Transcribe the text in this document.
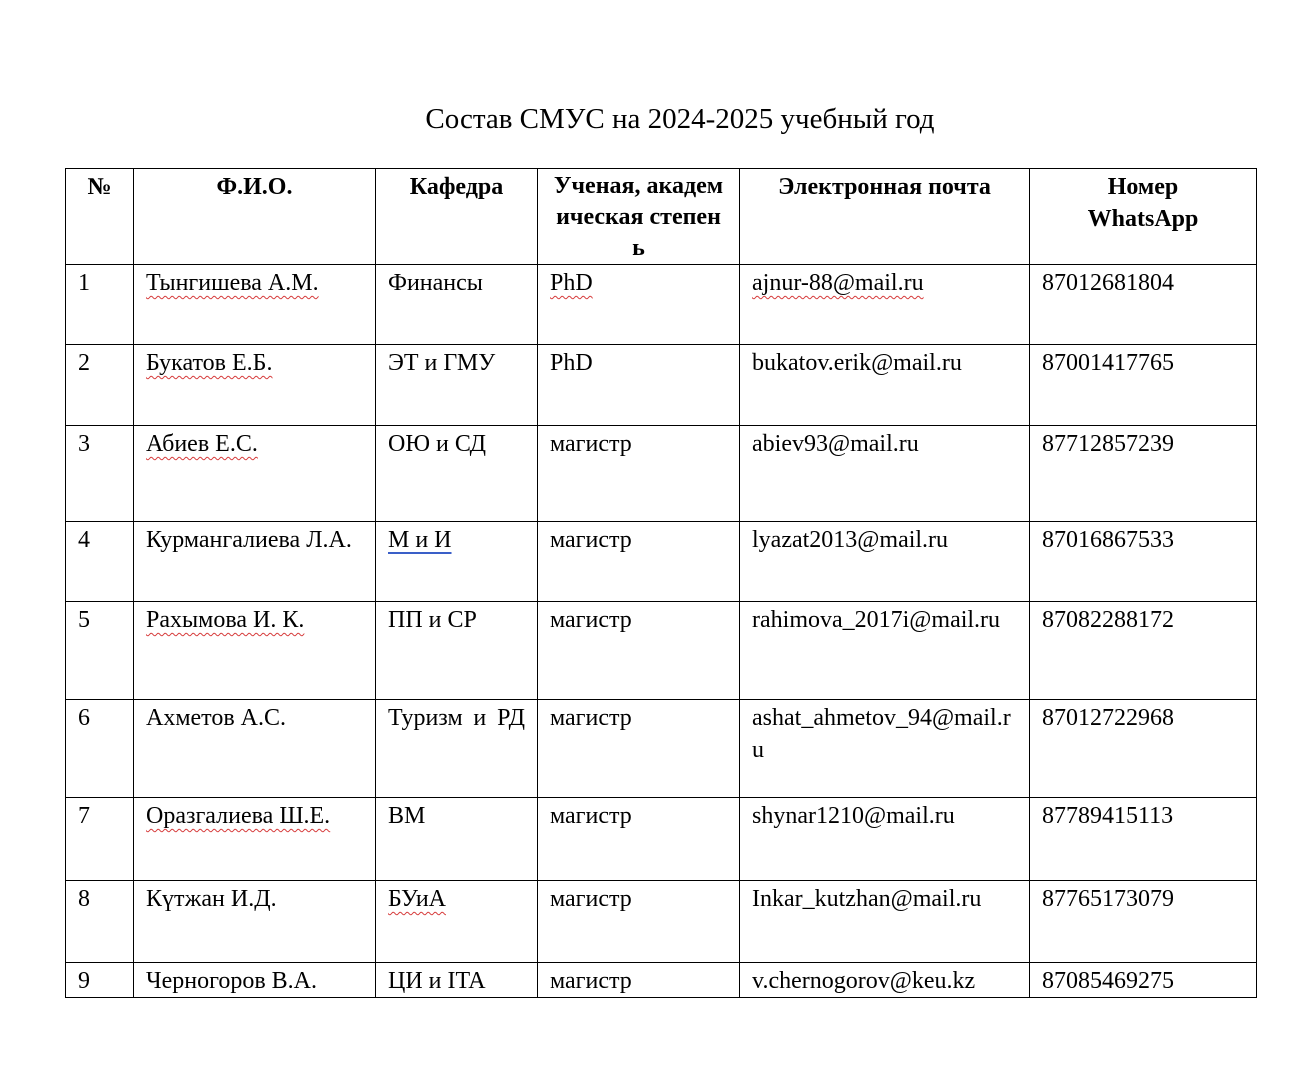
Состав СМУС на 2024-2025 учебный год
№	Ф.И.О.	Кафедра	Ученая, академическая степень	Электронная почта	Номер WhatsApp
1	Тынгишева А.М.	Финансы	PhD	ajnur-88@mail.ru	87012681804
2	Букатов Е.Б.	ЭТ и ГМУ	PhD	bukatov.erik@mail.ru	87001417765
3	Абиев Е.С.	ОЮ и СД	магистр	abiev93@mail.ru	87712857239
4	Курмангалиева Л.А.	М и И	магистр	lyazat2013@mail.ru	87016867533
5	Рахымова И. К.	ПП и СР	магистр	rahimova_2017i@mail.ru	87082288172
6	Ахметов А.С.	Туризм и РД	магистр	ashat_ahmetov_94@mail.ru	87012722968
7	Оразгалиева Ш.Е.	ВМ	магистр	shynar1210@mail.ru	87789415113
8	Күтжан И.Д.	БУиА	магистр	Inkar_kutzhan@mail.ru	87765173079
9	Черногоров В.А.	ЦИ и ITA	магистр	v.chernogorov@keu.kz	87085469275
